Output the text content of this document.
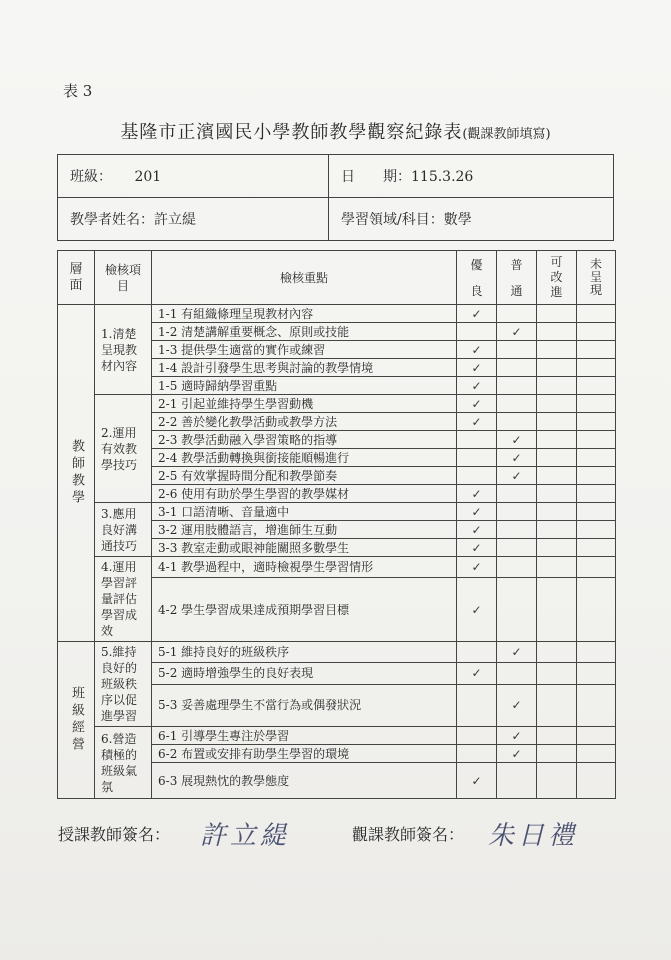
表 3
基隆市正濱國民小學教師教學觀察紀錄表(觀課教師填寫)
班級： 201	日　　期：115.3.26
教學者姓名：許立緹	學習領域/科目：數學
層面	檢核項目	檢核重點	優良	普通	可改進	未呈現

教師教學	1.清楚呈現教材內容	1-1 有組織條理呈現教材內容	✓			
		1-2 清楚講解重要概念、原則或技能		✓		
		1-3 提供學生適當的實作或練習	✓			
		1-4 設計引發學生思考與討論的教學情境	✓			
		1-5 適時歸納學習重點	✓			
	2.運用有效教學技巧	2-1 引起並維持學生學習動機	✓			
		2-2 善於變化教學活動或教學方法	✓			
		2-3 教學活動融入學習策略的指導		✓		
		2-4 教學活動轉換與銜接能順暢進行		✓		
		2-5 有效掌握時間分配和教學節奏		✓		
		2-6 使用有助於學生學習的教學媒材	✓			
	3.應用良好溝通技巧	3-1 口語清晰、音量適中	✓			
		3-2 運用肢體語言，增進師生互動	✓			
		3-3 教室走動或眼神能關照多數學生	✓			
	4.運用學習評量評估學習成效	4-1 教學過程中，適時檢視學生學習情形	✓			
		4-2 學生學習成果達成預期學習目標	✓			

班級經營	5.維持良好的班級秩序以促進學習	5-1 維持良好的班級秩序		✓		
		5-2 適時增強學生的良好表現	✓			
		5-3 妥善處理學生不當行為或偶發狀況		✓		
	6.營造積極的班級氣氛	6-1 引導學生專注於學習		✓		
		6-2 布置或安排有助學生學習的環境		✓		
		6-3 展現熱忱的教學態度	✓			
授課教師簽名： 許立緹	觀課教師簽名： 朱日禮
